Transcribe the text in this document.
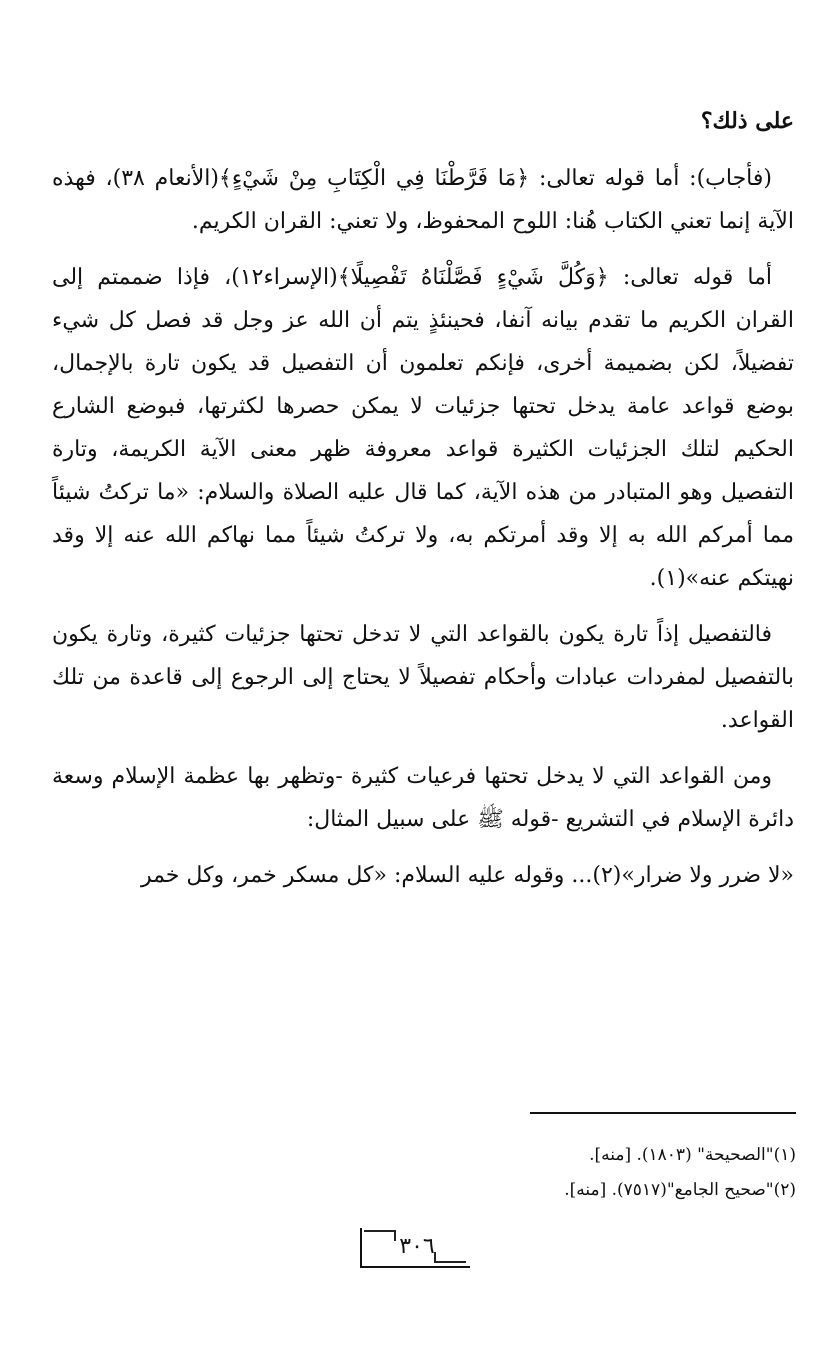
على ذلك؟

(فأجاب): أما قوله تعالى: ﴿مَا فَرَّطْنَا فِي الْكِتَابِ مِنْ شَيْءٍ﴾(الأنعام ٣٨)، فهذه الآية إنما تعني الكتاب هُنا: اللوح المحفوظ، ولا تعني: القران الكريم.

أما قوله تعالى: ﴿وَكُلَّ شَيْءٍ فَصَّلْنَاهُ تَفْصِيلًا﴾(الإسراء١٢)، فإذا ضممتم إلى القران الكريم ما تقدم بيانه آنفا، فحينئذٍ يتم أن الله عز وجل قد فصل كل شيء تفضيلاً، لكن بضميمة أخرى، فإنكم تعلمون أن التفصيل قد يكون تارة بالإجمال، بوضع قواعد عامة يدخل تحتها جزئيات لا يمكن حصرها لكثرتها، فبوضع الشارع الحكيم لتلك الجزئيات الكثيرة قواعد معروفة ظهر معنى الآية الكريمة، وتارة التفصيل وهو المتبادر من هذه الآية، كما قال عليه الصلاة والسلام: «ما تركتُ شيئاً مما أمركم الله به إلا وقد أمرتكم به، ولا تركتُ شيئاً مما نهاكم الله عنه إلا وقد نهيتكم عنه»(١).

فالتفصيل إذاً تارة يكون بالقواعد التي لا تدخل تحتها جزئيات كثيرة، وتارة يكون بالتفصيل لمفردات عبادات وأحكام تفصيلاً لا يحتاج إلى الرجوع إلى قاعدة من تلك القواعد.

ومن القواعد التي لا يدخل تحتها فرعيات كثيرة -وتظهر بها عظمة الإسلام وسعة دائرة الإسلام في التشريع -قوله ﷺ على سبيل المثال:

«لا ضرر ولا ضرار»(٢)... وقوله عليه السلام: «كل مسكر خمر، وكل خمر

(١)"الصحيحة" (١٨٠٣). [منه].

(٢)"صحيح الجامع"(٧٥١٧). [منه].

٣٠٦
